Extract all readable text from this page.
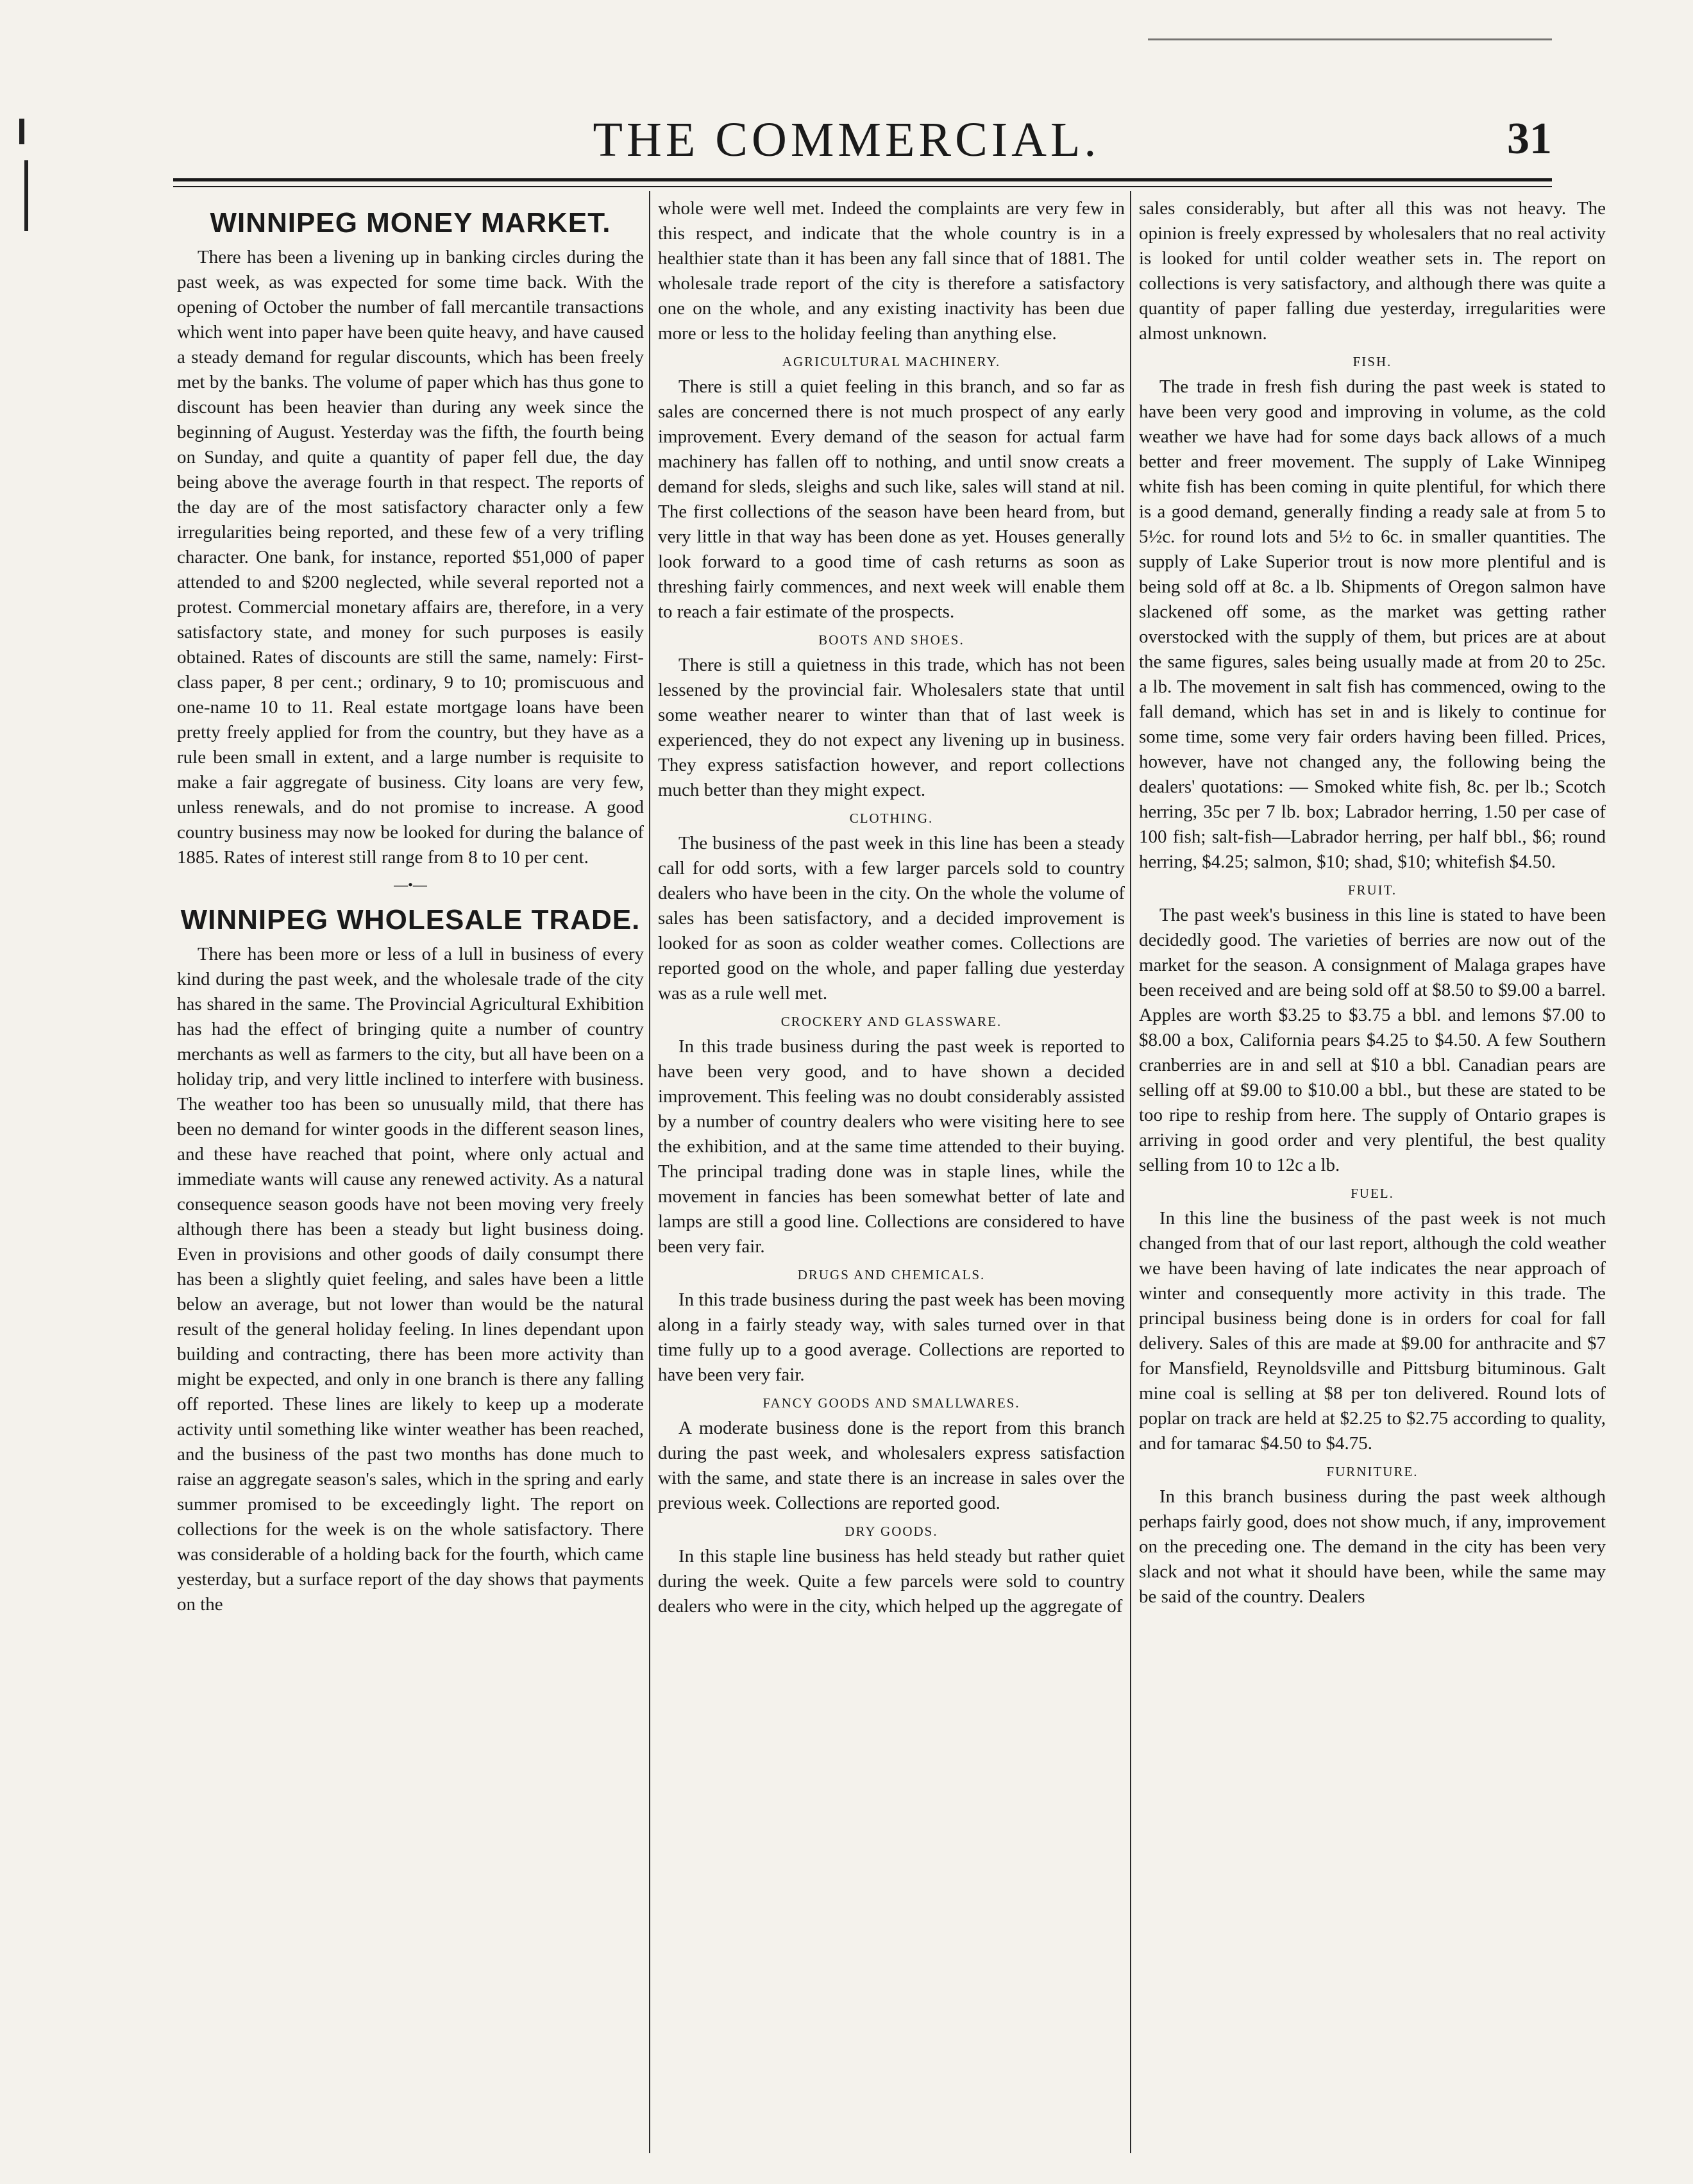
THE COMMERCIAL.	31
WINNIPEG MONEY MARKET.
There has been a livening up in banking circles during the past week, as was expected for some time back. With the opening of October the number of fall mercantile transactions which went into paper have been quite heavy, and have caused a steady demand for regular discounts, which has been freely met by the banks. The volume of paper which has thus gone to discount has been heavier than during any week since the beginning of August. Yesterday was the fifth, the fourth being on Sunday, and quite a quantity of paper fell due, the day being above the average fourth in that respect. The reports of the day are of the most satisfactory character only a few irregularities being reported, and these few of a very trifling character. One bank, for instance, reported $51,000 of paper attended to and $200 neglected, while several reported not a protest. Commercial monetary affairs are, therefore, in a very satisfactory state, and money for such purposes is easily obtained. Rates of discounts are still the same, namely: First-class paper, 8 per cent.; ordinary, 9 to 10; promiscuous and one-name 10 to 11. Real estate mortgage loans have been pretty freely applied for from the country, but they have as a rule been small in extent, and a large number is requisite to make a fair aggregate of business. City loans are very few, unless renewals, and do not promise to increase. A good country business may now be looked for during the balance of 1885. Rates of interest still range from 8 to 10 per cent.
—•—
WINNIPEG WHOLESALE TRADE.
There has been more or less of a lull in business of every kind during the past week, and the wholesale trade of the city has shared in the same. The Provincial Agricultural Exhibition has had the effect of bringing quite a number of country merchants as well as farmers to the city, but all have been on a holiday trip, and very little inclined to interfere with business. The weather too has been so unusually mild, that there has been no demand for winter goods in the different season lines, and these have reached that point, where only actual and immediate wants will cause any renewed activity. As a natural consequence season goods have not been moving very freely although there has been a steady but light business doing. Even in provisions and other goods of daily consumpt there has been a slightly quiet feeling, and sales have been a little below an average, but not lower than would be the natural result of the general holiday feeling. In lines dependant upon building and contracting, there has been more activity than might be expected, and only in one branch is there any falling off reported. These lines are likely to keep up a moderate activity until something like winter weather has been reached, and the business of the past two months has done much to raise an aggregate season's sales, which in the spring and early summer promised to be exceedingly light. The report on collections for the week is on the whole satisfactory. There was considerable of a holding back for the fourth, which came yesterday, but a surface report of the day shows that payments on the
whole were well met. Indeed the complaints are very few in this respect, and indicate that the whole country is in a healthier state than it has been any fall since that of 1881. The wholesale trade report of the city is therefore a satisfactory one on the whole, and any existing inactivity has been due more or less to the holiday feeling than anything else.
AGRICULTURAL MACHINERY.
There is still a quiet feeling in this branch, and so far as sales are concerned there is not much prospect of any early improvement. Every demand of the season for actual farm machinery has fallen off to nothing, and until snow creats a demand for sleds, sleighs and such like, sales will stand at nil. The first collections of the season have been heard from, but very little in that way has been done as yet. Houses generally look forward to a good time of cash returns as soon as threshing fairly commences, and next week will enable them to reach a fair estimate of the prospects.
BOOTS AND SHOES.
There is still a quietness in this trade, which has not been lessened by the provincial fair. Wholesalers state that until some weather nearer to winter than that of last week is experienced, they do not expect any livening up in business. They express satisfaction however, and report collections much better than they might expect.
CLOTHING.
The business of the past week in this line has been a steady call for odd sorts, with a few larger parcels sold to country dealers who have been in the city. On the whole the volume of sales has been satisfactory, and a decided improvement is looked for as soon as colder weather comes. Collections are reported good on the whole, and paper falling due yesterday was as a rule well met.
CROCKERY AND GLASSWARE.
In this trade business during the past week is reported to have been very good, and to have shown a decided improvement. This feeling was no doubt considerably assisted by a number of country dealers who were visiting here to see the exhibition, and at the same time attended to their buying. The principal trading done was in staple lines, while the movement in fancies has been somewhat better of late and lamps are still a good line. Collections are considered to have been very fair.
DRUGS AND CHEMICALS.
In this trade business during the past week has been moving along in a fairly steady way, with sales turned over in that time fully up to a good average. Collections are reported to have been very fair.
FANCY GOODS AND SMALLWARES.
A moderate business done is the report from this branch during the past week, and wholesalers express satisfaction with the same, and state there is an increase in sales over the previous week. Collections are reported good.
DRY GOODS.
In this staple line business has held steady but rather quiet during the week. Quite a few parcels were sold to country dealers who were in the city, which helped up the aggregate of
sales considerably, but after all this was not heavy. The opinion is freely expressed by wholesalers that no real activity is looked for until colder weather sets in. The report on collections is very satisfactory, and although there was quite a quantity of paper falling due yesterday, irregularities were almost unknown.
FISH.
The trade in fresh fish during the past week is stated to have been very good and improving in volume, as the cold weather we have had for some days back allows of a much better and freer movement. The supply of Lake Winnipeg white fish has been coming in quite plentiful, for which there is a good demand, generally finding a ready sale at from 5 to 5½c. for round lots and 5½ to 6c. in smaller quantities. The supply of Lake Superior trout is now more plentiful and is being sold off at 8c. a lb. Shipments of Oregon salmon have slackened off some, as the market was getting rather overstocked with the supply of them, but prices are at about the same figures, sales being usually made at from 20 to 25c. a lb. The movement in salt fish has commenced, owing to the fall demand, which has set in and is likely to continue for some time, some very fair orders having been filled. Prices, however, have not changed any, the following being the dealers' quotations: — Smoked white fish, 8c. per lb.; Scotch herring, 35c per 7 lb. box; Labrador herring, 1.50 per case of 100 fish; salt-fish—Labrador herring, per half bbl., $6; round herring, $4.25; salmon, $10; shad, $10; whitefish $4.50.
FRUIT.
The past week's business in this line is stated to have been decidedly good. The varieties of berries are now out of the market for the season. A consignment of Malaga grapes have been received and are being sold off at $8.50 to $9.00 a barrel. Apples are worth $3.25 to $3.75 a bbl. and lemons $7.00 to $8.00 a box, California pears $4.25 to $4.50. A few Southern cranberries are in and sell at $10 a bbl. Canadian pears are selling off at $9.00 to $10.00 a bbl., but these are stated to be too ripe to reship from here. The supply of Ontario grapes is arriving in good order and very plentiful, the best quality selling from 10 to 12c a lb.
FUEL.
In this line the business of the past week is not much changed from that of our last report, although the cold weather we have been having of late indicates the near approach of winter and consequently more activity in this trade. The principal business being done is in orders for coal for fall delivery. Sales of this are made at $9.00 for anthracite and $7 for Mansfield, Reynoldsville and Pittsburg bituminous. Galt mine coal is selling at $8 per ton delivered. Round lots of poplar on track are held at $2.25 to $2.75 according to quality, and for tamarac $4.50 to $4.75.
FURNITURE.
In this branch business during the past week although perhaps fairly good, does not show much, if any, improvement on the preceding one. The demand in the city has been very slack and not what it should have been, while the same may be said of the country. Dealers
